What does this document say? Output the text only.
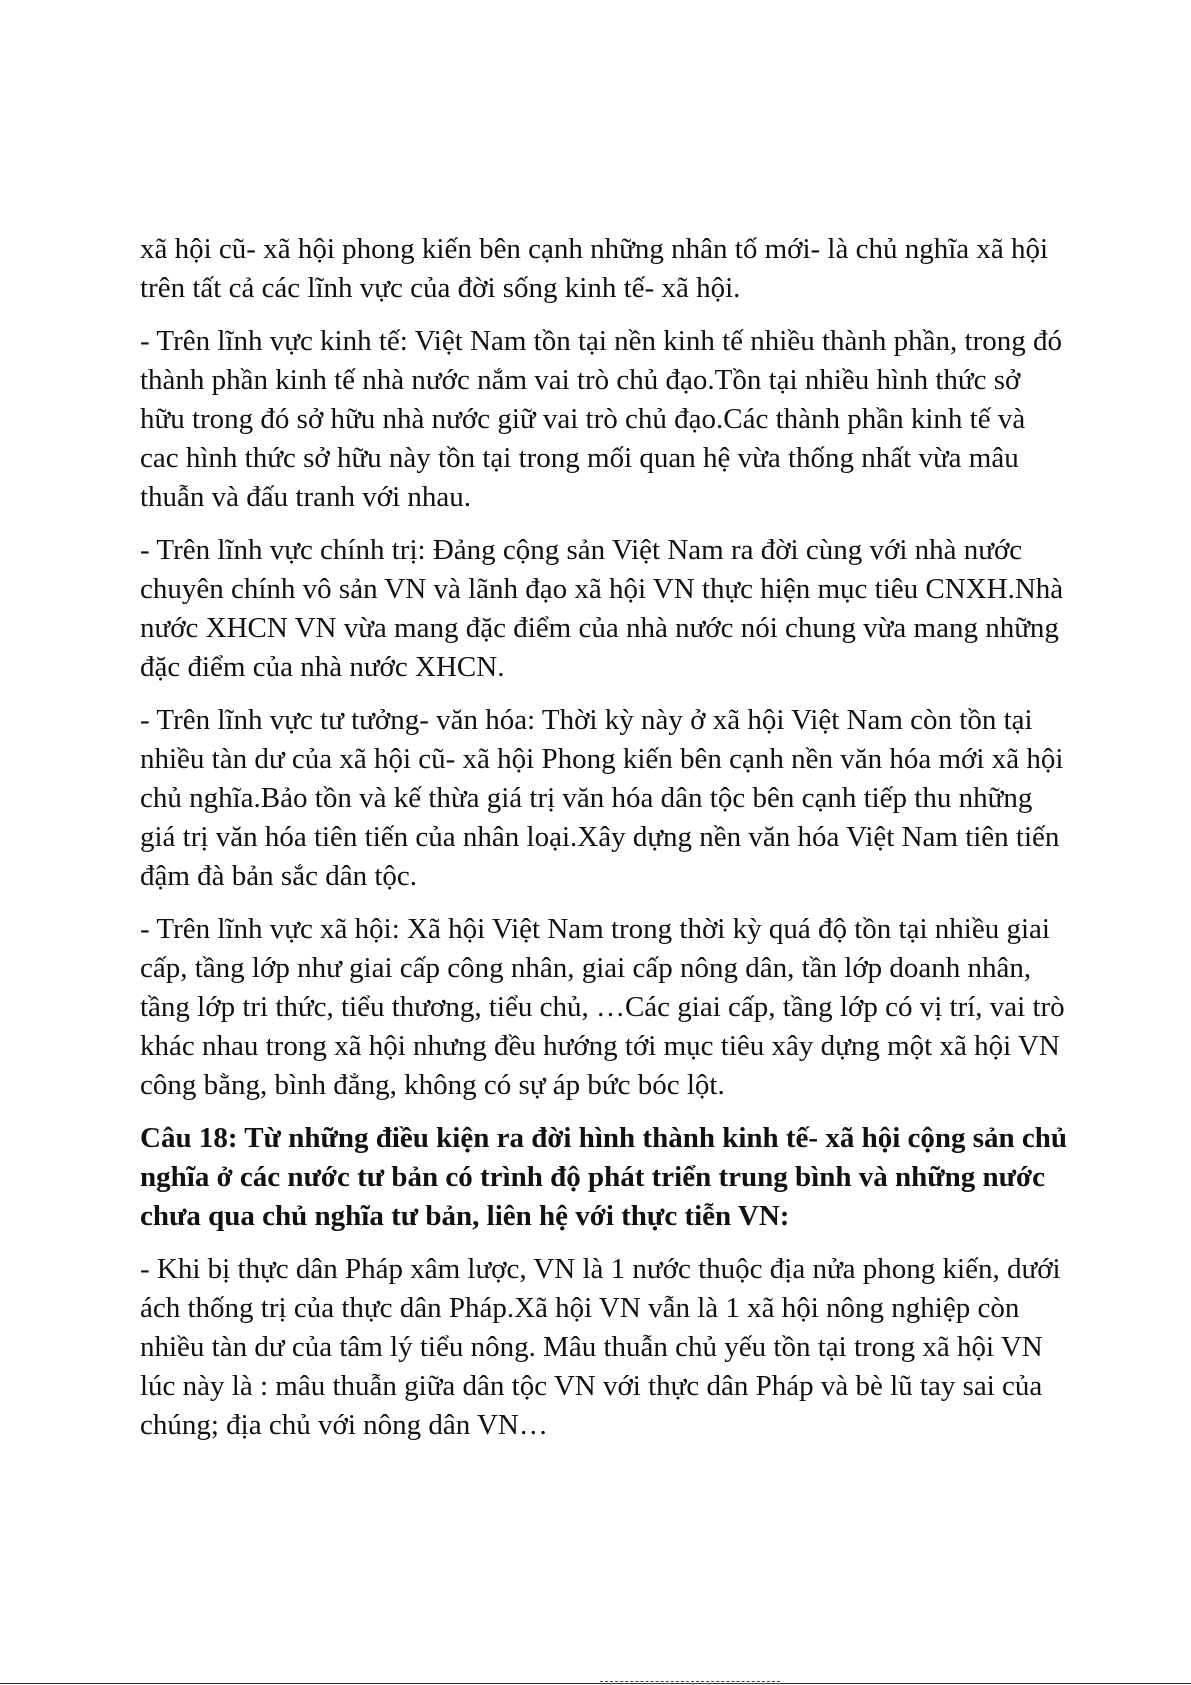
xã hội cũ- xã hội phong kiến bên cạnh những nhân tố mới- là chủ nghĩa xã hội trên tất cả các lĩnh vực của đời sống kinh tế- xã hội.

- Trên lĩnh vực kinh tế: Việt Nam tồn tại nền kinh tế nhiều thành phần, trong đó thành phần kinh tế nhà nước nắm vai trò chủ đạo.Tồn tại nhiều hình thức sở hữu trong đó sở hữu nhà nước giữ vai trò chủ đạo.Các thành phần kinh tế và cac hình thức sở hữu này tồn tại trong mối quan hệ vừa thống nhất vừa mâu thuẫn và đấu tranh với nhau.

- Trên lĩnh vực chính trị: Đảng cộng sản Việt Nam ra đời cùng với nhà nước chuyên chính vô sản VN và lãnh đạo xã hội VN thực hiện mục tiêu CNXH.Nhà nước XHCN VN vừa mang đặc điểm của nhà nước nói chung vừa mang những đặc điểm của nhà nước XHCN.

- Trên lĩnh vực tư tưởng- văn hóa: Thời kỳ này ở xã hội Việt Nam còn tồn tại nhiều tàn dư của xã hội cũ- xã hội Phong kiến bên cạnh nền văn hóa mới xã hội chủ nghĩa.Bảo tồn và kế thừa giá trị văn hóa dân tộc bên cạnh tiếp thu những giá trị văn hóa tiên tiến của nhân loại.Xây dựng nền văn hóa Việt Nam tiên tiến đậm đà bản sắc dân tộc.

- Trên lĩnh vực xã hội: Xã hội Việt Nam trong thời kỳ quá độ tồn tại nhiều giai cấp, tầng lớp như giai cấp công nhân, giai cấp nông dân, tần lớp doanh nhân, tầng lớp tri thức, tiểu thương, tiểu chủ, …Các giai cấp, tầng lớp có vị trí, vai trò khác nhau trong xã hội nhưng đều hướng tới mục tiêu xây dựng một xã hội VN công bằng, bình đẳng, không có sự áp bức bóc lột.

Câu 18: Từ những điều kiện ra đời hình thành kinh tế- xã hội cộng sản chủ nghĩa ở các nước tư bản có trình độ phát triển trung bình và những nước chưa qua chủ nghĩa tư bản, liên hệ với thực tiễn VN:

- Khi bị thực dân Pháp xâm lược, VN là 1 nước thuộc địa nửa phong kiến, dưới ách thống trị của thực dân Pháp.Xã hội VN vẫn là 1 xã hội nông nghiệp còn nhiều tàn dư của tâm lý tiểu nông. Mâu thuẫn chủ yếu tồn tại trong xã hội VN lúc này là : mâu thuẫn giữa dân tộc VN với thực dân Pháp và bè lũ tay sai của chúng; địa chủ với nông dân VN…
